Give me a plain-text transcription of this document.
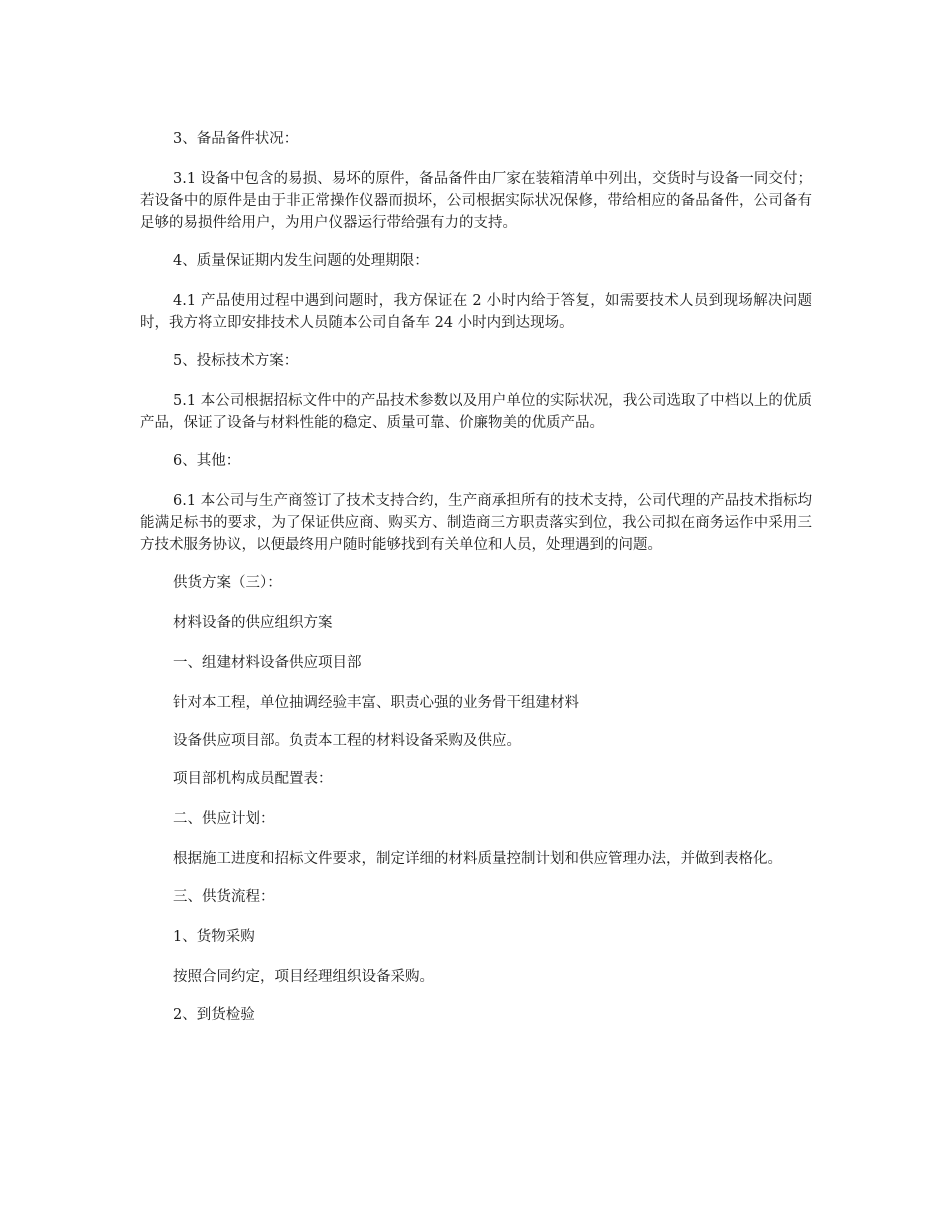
3、备品备件状况：

3.1 设备中包含的易损、易坏的原件，备品备件由厂家在装箱清单中列出，交货时与设备一同交付；若设备中的原件是由于非正常操作仪器而损坏，公司根据实际状况保修，带给相应的备品备件，公司备有足够的易损件给用户，为用户仪器运行带给强有力的支持。

4、质量保证期内发生问题的处理期限：

4.1 产品使用过程中遇到问题时，我方保证在 2 小时内给于答复，如需要技术人员到现场解决问题时，我方将立即安排技术人员随本公司自备车 24 小时内到达现场。

5、投标技术方案：

5.1 本公司根据招标文件中的产品技术参数以及用户单位的实际状况，我公司选取了中档以上的优质产品，保证了设备与材料性能的稳定、质量可靠、价廉物美的优质产品。

6、其他：

6.1 本公司与生产商签订了技术支持合约，生产商承担所有的技术支持，公司代理的产品技术指标均能满足标书的要求，为了保证供应商、购买方、制造商三方职责落实到位，我公司拟在商务运作中采用三方技术服务协议，以便最终用户随时能够找到有关单位和人员，处理遇到的问题。

供货方案（三）：

材料设备的供应组织方案

一、组建材料设备供应项目部

针对本工程，单位抽调经验丰富、职责心强的业务骨干组建材料

设备供应项目部。负责本工程的材料设备采购及供应。

项目部机构成员配置表：

二、供应计划：

根据施工进度和招标文件要求，制定详细的材料质量控制计划和供应管理办法，并做到表格化。

三、供货流程：

1、货物采购

按照合同约定，项目经理组织设备采购。

2、到货检验
